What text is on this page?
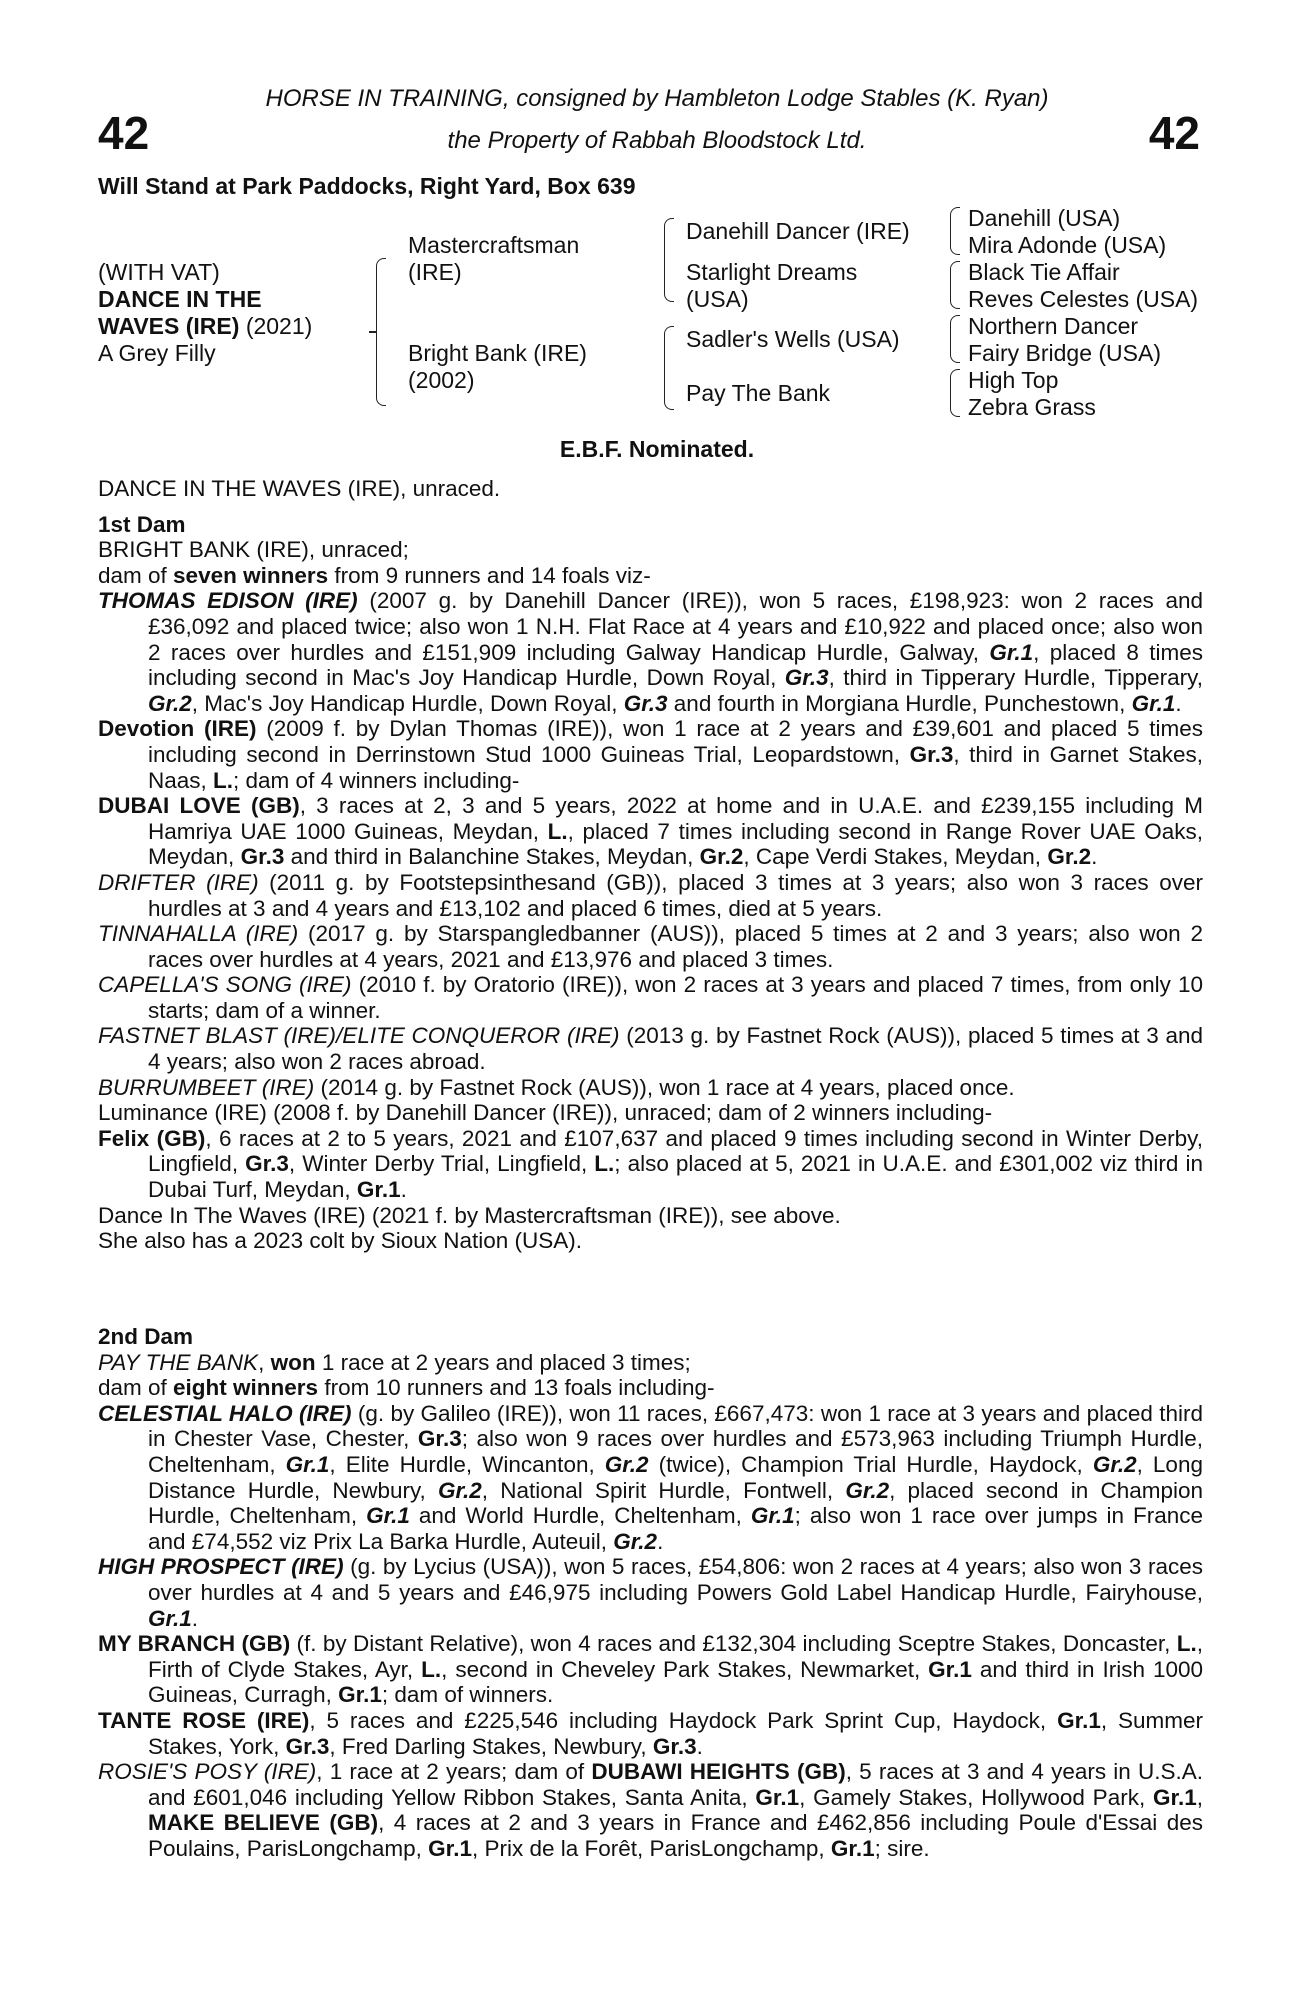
42	42
HORSE IN TRAINING, consigned by Hambleton Lodge Stables (K. Ryan)
the Property of Rabbah Bloodstock Ltd.
Will Stand at Park Paddocks, Right Yard, Box 639
(WITH VAT)
DANCE IN THE
WAVES (IRE) (2021)
A Grey Filly
Mastercraftsman
(IRE)
Bright Bank (IRE)
(2002)
Danehill Dancer (IRE)
Starlight Dreams
(USA)
Sadler's Wells (USA)
Pay The Bank
Danehill (USA)
Mira Adonde (USA)
Black Tie Affair
Reves Celestes (USA)
Northern Dancer
Fairy Bridge (USA)
High Top
Zebra Grass
E.B.F. Nominated.

DANCE IN THE WAVES (IRE), unraced.

1st Dam

BRIGHT BANK (IRE), unraced;

dam of seven winners from 9 runners and 14 foals viz-

THOMAS EDISON (IRE) (2007 g. by Danehill Dancer (IRE)), won 5 races, £198,923: won 2 races and £36,092 and placed twice; also won 1 N.H. Flat Race at 4 years and £10,922 and placed once; also won 2 races over hurdles and £151,909 including Galway Handicap Hurdle, Galway, Gr.1, placed 8 times including second in Mac's Joy Handicap Hurdle, Down Royal, Gr.3, third in Tipperary Hurdle, Tipperary, Gr.2, Mac's Joy Handicap Hurdle, Down Royal, Gr.3 and fourth in Morgiana Hurdle, Punchestown, Gr.1.

Devotion (IRE) (2009 f. by Dylan Thomas (IRE)), won 1 race at 2 years and £39,601 and placed 5 times including second in Derrinstown Stud 1000 Guineas Trial, Leopardstown, Gr.3, third in Garnet Stakes, Naas, L.; dam of 4 winners including-

DUBAI LOVE (GB), 3 races at 2, 3 and 5 years, 2022 at home and in U.A.E. and £239,155 including M Hamriya UAE 1000 Guineas, Meydan, L., placed 7 times including second in Range Rover UAE Oaks, Meydan, Gr.3 and third in Balanchine Stakes, Meydan, Gr.2, Cape Verdi Stakes, Meydan, Gr.2.

DRIFTER (IRE) (2011 g. by Footstepsinthesand (GB)), placed 3 times at 3 years; also won 3 races over hurdles at 3 and 4 years and £13,102 and placed 6 times, died at 5 years.

TINNAHALLA (IRE) (2017 g. by Starspangledbanner (AUS)), placed 5 times at 2 and 3 years; also won 2 races over hurdles at 4 years, 2021 and £13,976 and placed 3 times.

CAPELLA'S SONG (IRE) (2010 f. by Oratorio (IRE)), won 2 races at 3 years and placed 7 times, from only 10 starts; dam of a winner.

FASTNET BLAST (IRE)/ELITE CONQUEROR (IRE) (2013 g. by Fastnet Rock (AUS)), placed 5 times at 3 and 4 years; also won 2 races abroad.

BURRUMBEET (IRE) (2014 g. by Fastnet Rock (AUS)), won 1 race at 4 years, placed once.

Luminance (IRE) (2008 f. by Danehill Dancer (IRE)), unraced; dam of 2 winners including-

Felix (GB), 6 races at 2 to 5 years, 2021 and £107,637 and placed 9 times including second in Winter Derby, Lingfield, Gr.3, Winter Derby Trial, Lingfield, L.; also placed at 5, 2021 in U.A.E. and £301,002 viz third in Dubai Turf, Meydan, Gr.1.

Dance In The Waves (IRE) (2021 f. by Mastercraftsman (IRE)), see above.

She also has a 2023 colt by Sioux Nation (USA).

2nd Dam

PAY THE BANK, won 1 race at 2 years and placed 3 times;

dam of eight winners from 10 runners and 13 foals including-

CELESTIAL HALO (IRE) (g. by Galileo (IRE)), won 11 races, £667,473: won 1 race at 3 years and placed third in Chester Vase, Chester, Gr.3; also won 9 races over hurdles and £573,963 including Triumph Hurdle, Cheltenham, Gr.1, Elite Hurdle, Wincanton, Gr.2 (twice), Champion Trial Hurdle, Haydock, Gr.2, Long Distance Hurdle, Newbury, Gr.2, National Spirit Hurdle, Fontwell, Gr.2, placed second in Champion Hurdle, Cheltenham, Gr.1 and World Hurdle, Cheltenham, Gr.1; also won 1 race over jumps in France and £74,552 viz Prix La Barka Hurdle, Auteuil, Gr.2.

HIGH PROSPECT (IRE) (g. by Lycius (USA)), won 5 races, £54,806: won 2 races at 4 years; also won 3 races over hurdles at 4 and 5 years and £46,975 including Powers Gold Label Handicap Hurdle, Fairyhouse, Gr.1.

MY BRANCH (GB) (f. by Distant Relative), won 4 races and £132,304 including Sceptre Stakes, Doncaster, L., Firth of Clyde Stakes, Ayr, L., second in Cheveley Park Stakes, Newmarket, Gr.1 and third in Irish 1000 Guineas, Curragh, Gr.1; dam of winners.

TANTE ROSE (IRE), 5 races and £225,546 including Haydock Park Sprint Cup, Haydock, Gr.1, Summer Stakes, York, Gr.3, Fred Darling Stakes, Newbury, Gr.3.

ROSIE'S POSY (IRE), 1 race at 2 years; dam of DUBAWI HEIGHTS (GB), 5 races at 3 and 4 years in U.S.A. and £601,046 including Yellow Ribbon Stakes, Santa Anita, Gr.1, Gamely Stakes, Hollywood Park, Gr.1, MAKE BELIEVE (GB), 4 races at 2 and 3 years in France and £462,856 including Poule d'Essai des Poulains, ParisLongchamp, Gr.1, Prix de la Forêt, ParisLongchamp, Gr.1; sire.
